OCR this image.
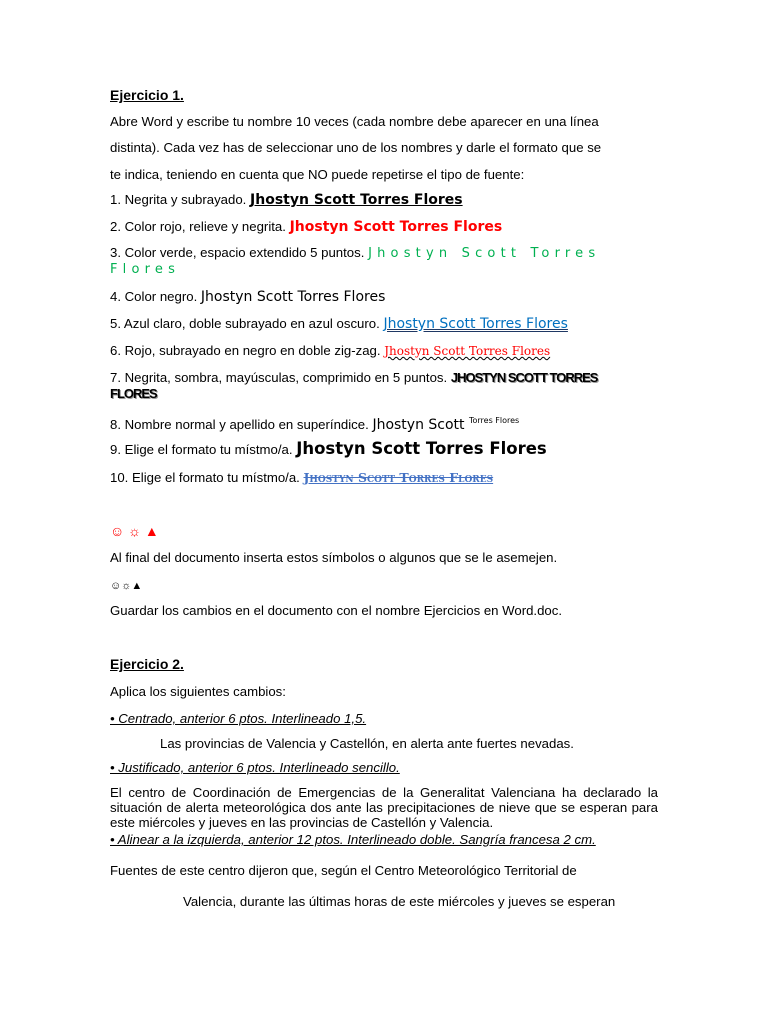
Ejercicio 1.
Abre Word y escribe tu nombre 10 veces (cada nombre debe aparecer en una línea
distinta). Cada vez has de seleccionar uno de los nombres y darle el formato que se
te indica, teniendo en cuenta que NO puede repetirse el tipo de fuente:
1. Negrita y subrayado. Jhostyn Scott Torres Flores
2. Color rojo, relieve y negrita. Jhostyn Scott Torres Flores
3. Color verde, espacio extendido 5 puntos. Jhostyn Scott Torres
Flores
4. Color negro. Jhostyn Scott Torres Flores
5. Azul claro, doble subrayado en azul oscuro. Jhostyn Scott Torres Flores
6. Rojo, subrayado en negro en doble zig-zag. Jhostyn Scott Torres Flores
7. Negrita, sombra, mayúsculas, comprimido en 5 puntos. JHOSTYN SCOTT TORRES
FLORES
8. Nombre normal y apellido en superíndice. Jhostyn Scott $^{Torres Flores}$
9. Elige el formato tu místmo/a. Jhostyn Scott Torres Flores
10. Elige el formato tu místmo/a. Jhostyn Scott Torres Flores
☺ ☼ ▲
Al final del documento inserta estos símbolos o algunos que se le asemejen.
☺☼▲
Guardar los cambios en el documento con el nombre Ejercicios en Word.doc.
Ejercicio 2.
Aplica los siguientes cambios:
• Centrado, anterior 6 ptos. Interlineado 1,5.
Las provincias de Valencia y Castellón, en alerta ante fuertes nevadas.
• Justificado, anterior 6 ptos. Interlineado sencillo.
El centro de Coordinación de Emergencias de la Generalitat Valenciana ha declarado la situación de alerta meteorológica dos ante las precipitaciones de nieve que se esperan para este miércoles y jueves en las provincias de Castellón y Valencia.
• Alinear a la izquierda, anterior 12 ptos. Interlineado doble. Sangría francesa 2 cm.
Fuentes de este centro dijeron que, según el Centro Meteorológico Territorial de
Valencia, durante las últimas horas de este miércoles y jueves se esperan
